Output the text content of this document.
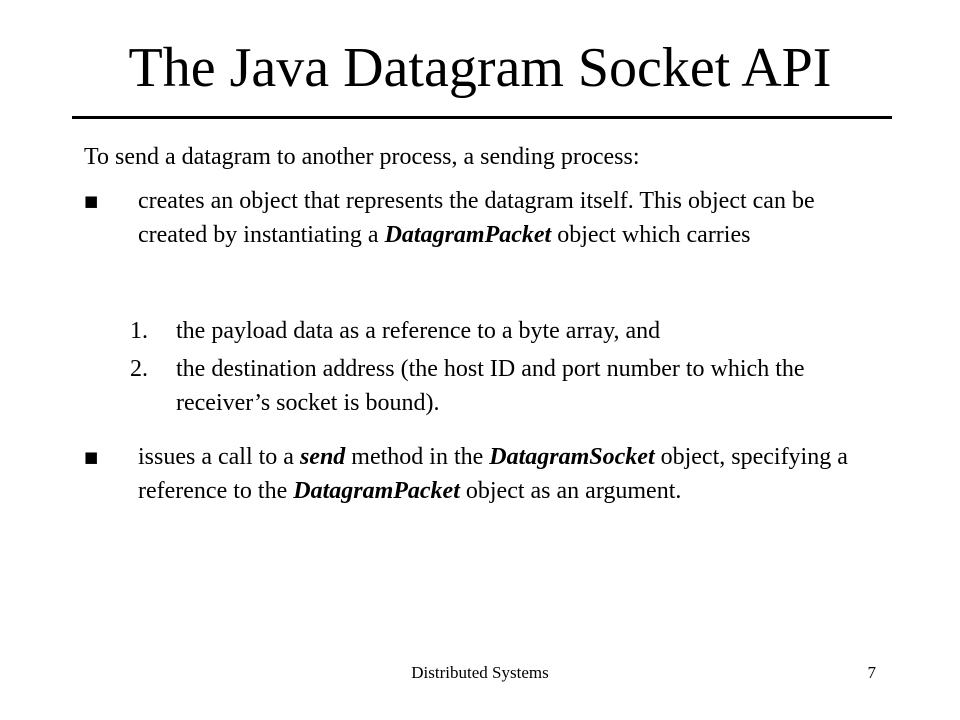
The Java Datagram Socket API
To send a datagram to another process, a sending process:
■ creates an object that represents the datagram itself. This object can be created by instantiating a DatagramPacket object which carries
1.	the payload data as a reference to a byte array, and
2.	the destination address (the host ID and port number to which the receiver’s socket is bound).
■ issues a call to a send method in the DatagramSocket object, specifying a reference to the DatagramPacket object as an argument.
Distributed Systems	7
